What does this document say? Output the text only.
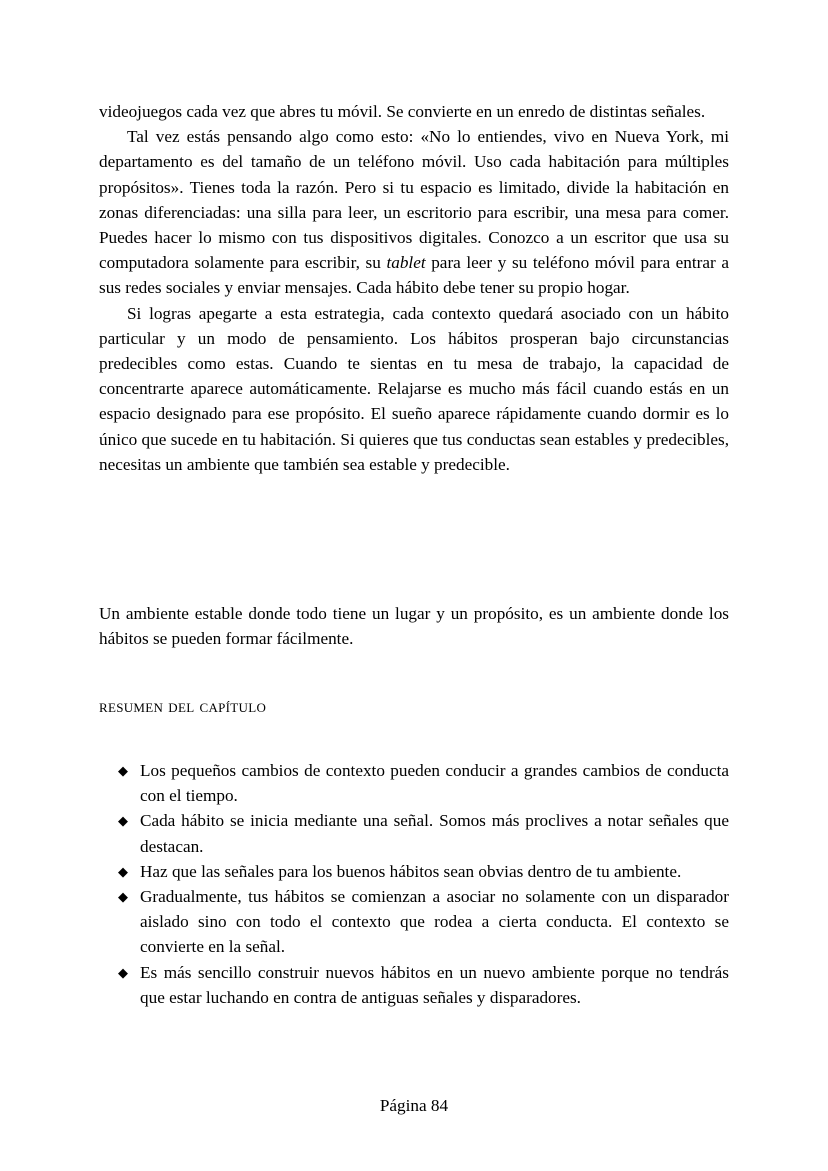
videojuegos cada vez que abres tu móvil. Se convierte en un enredo de distintas señales.

Tal vez estás pensando algo como esto: «No lo entiendes, vivo en Nueva York, mi departamento es del tamaño de un teléfono móvil. Uso cada habitación para múltiples propósitos». Tienes toda la razón. Pero si tu espacio es limitado, divide la habitación en zonas diferenciadas: una silla para leer, un escritorio para escribir, una mesa para comer. Puedes hacer lo mismo con tus dispositivos digitales. Conozco a un escritor que usa su computadora solamente para escribir, su tablet para leer y su teléfono móvil para entrar a sus redes sociales y enviar mensajes. Cada hábito debe tener su propio hogar.

Si logras apegarte a esta estrategia, cada contexto quedará asociado con un hábito particular y un modo de pensamiento. Los hábitos prosperan bajo circunstancias predecibles como estas. Cuando te sientas en tu mesa de trabajo, la capacidad de concentrarte aparece automáticamente. Relajarse es mucho más fácil cuando estás en un espacio designado para ese propósito. El sueño aparece rápidamente cuando dormir es lo único que sucede en tu habitación. Si quieres que tus conductas sean estables y predecibles, necesitas un ambiente que también sea estable y predecible.

Un ambiente estable donde todo tiene un lugar y un propósito, es un ambiente donde los hábitos se pueden formar fácilmente.

resumen del capítulo
◆ Los pequeños cambios de contexto pueden conducir a grandes cambios de conducta con el tiempo.
◆ Cada hábito se inicia mediante una señal. Somos más proclives a notar señales que destacan.
◆ Haz que las señales para los buenos hábitos sean obvias dentro de tu ambiente.
◆ Gradualmente, tus hábitos se comienzan a asociar no solamente con un disparador aislado sino con todo el contexto que rodea a cierta conducta. El contexto se convierte en la señal.
◆ Es más sencillo construir nuevos hábitos en un nuevo ambiente porque no tendrás que estar luchando en contra de antiguas señales y disparadores.
Página 84
